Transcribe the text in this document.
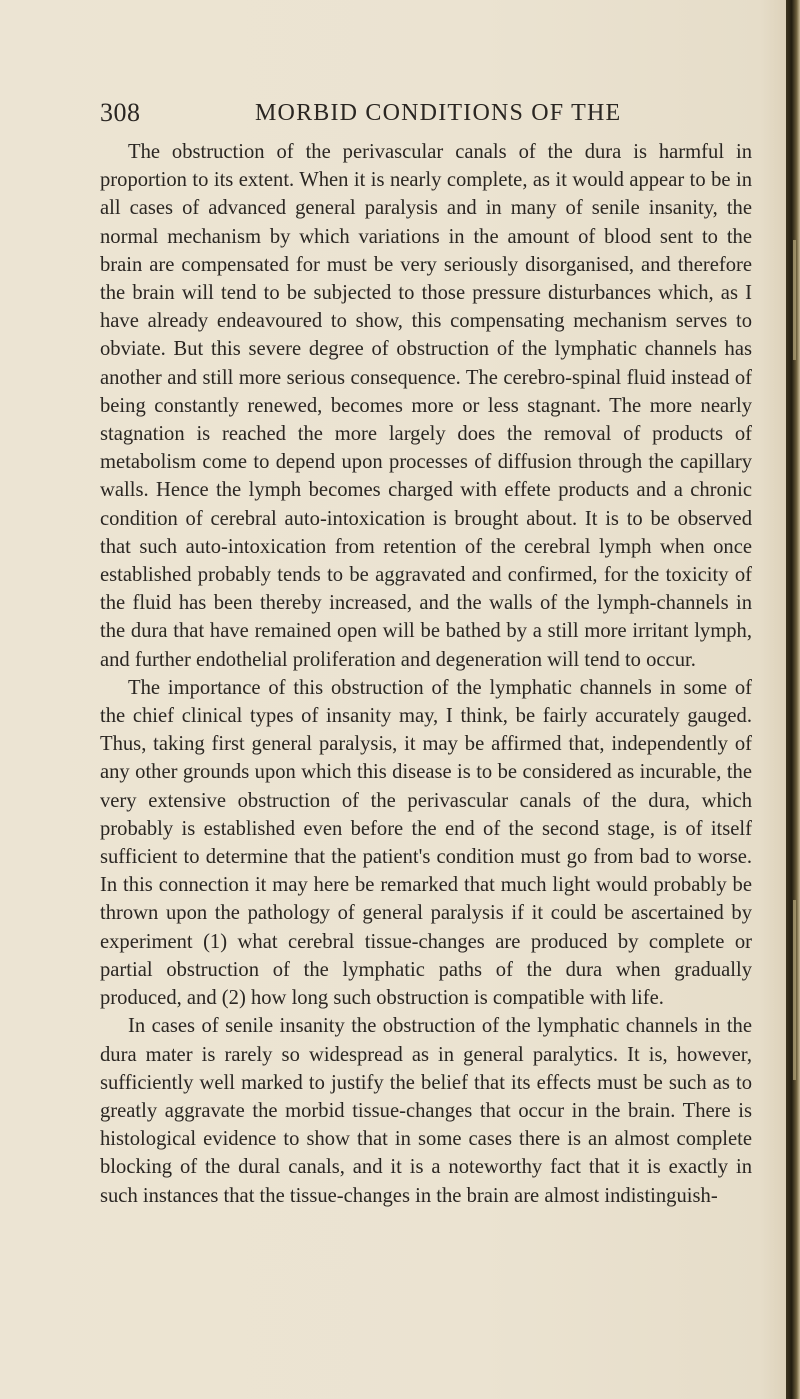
308	MORBID CONDITIONS OF THE

The obstruction of the perivascular canals of the dura is harmful in proportion to its extent. When it is nearly complete, as it would appear to be in all cases of advanced general paralysis and in many of senile insanity, the normal mechanism by which variations in the amount of blood sent to the brain are compensated for must be very seriously disorganised, and therefore the brain will tend to be subjected to those pressure disturbances which, as I have already endeavoured to show, this compensating mechanism serves to obviate. But this severe degree of obstruction of the lymphatic channels has another and still more serious consequence. The cerebro-spinal fluid instead of being constantly renewed, becomes more or less stagnant. The more nearly stagnation is reached the more largely does the removal of products of metabolism come to depend upon processes of diffusion through the capillary walls. Hence the lymph becomes charged with effete products and a chronic condition of cerebral auto-intoxication is brought about. It is to be observed that such auto-intoxication from retention of the cerebral lymph when once established probably tends to be aggravated and confirmed, for the toxicity of the fluid has been thereby increased, and the walls of the lymph-channels in the dura that have remained open will be bathed by a still more irritant lymph, and further endothelial proliferation and degeneration will tend to occur.

The importance of this obstruction of the lymphatic channels in some of the chief clinical types of insanity may, I think, be fairly accurately gauged. Thus, taking first general paralysis, it may be affirmed that, independently of any other grounds upon which this disease is to be considered as incurable, the very extensive obstruction of the perivascular canals of the dura, which probably is established even before the end of the second stage, is of itself sufficient to determine that the patient's condition must go from bad to worse. In this connection it may here be remarked that much light would probably be thrown upon the pathology of general paralysis if it could be ascertained by experiment (1) what cerebral tissue-changes are produced by complete or partial obstruction of the lymphatic paths of the dura when gradually produced, and (2) how long such obstruction is compatible with life.

In cases of senile insanity the obstruction of the lymphatic channels in the dura mater is rarely so widespread as in general paralytics. It is, however, sufficiently well marked to justify the belief that its effects must be such as to greatly aggravate the morbid tissue-changes that occur in the brain. There is histological evidence to show that in some cases there is an almost complete blocking of the dural canals, and it is a noteworthy fact that it is exactly in such instances that the tissue-changes in the brain are almost indistinguish-
